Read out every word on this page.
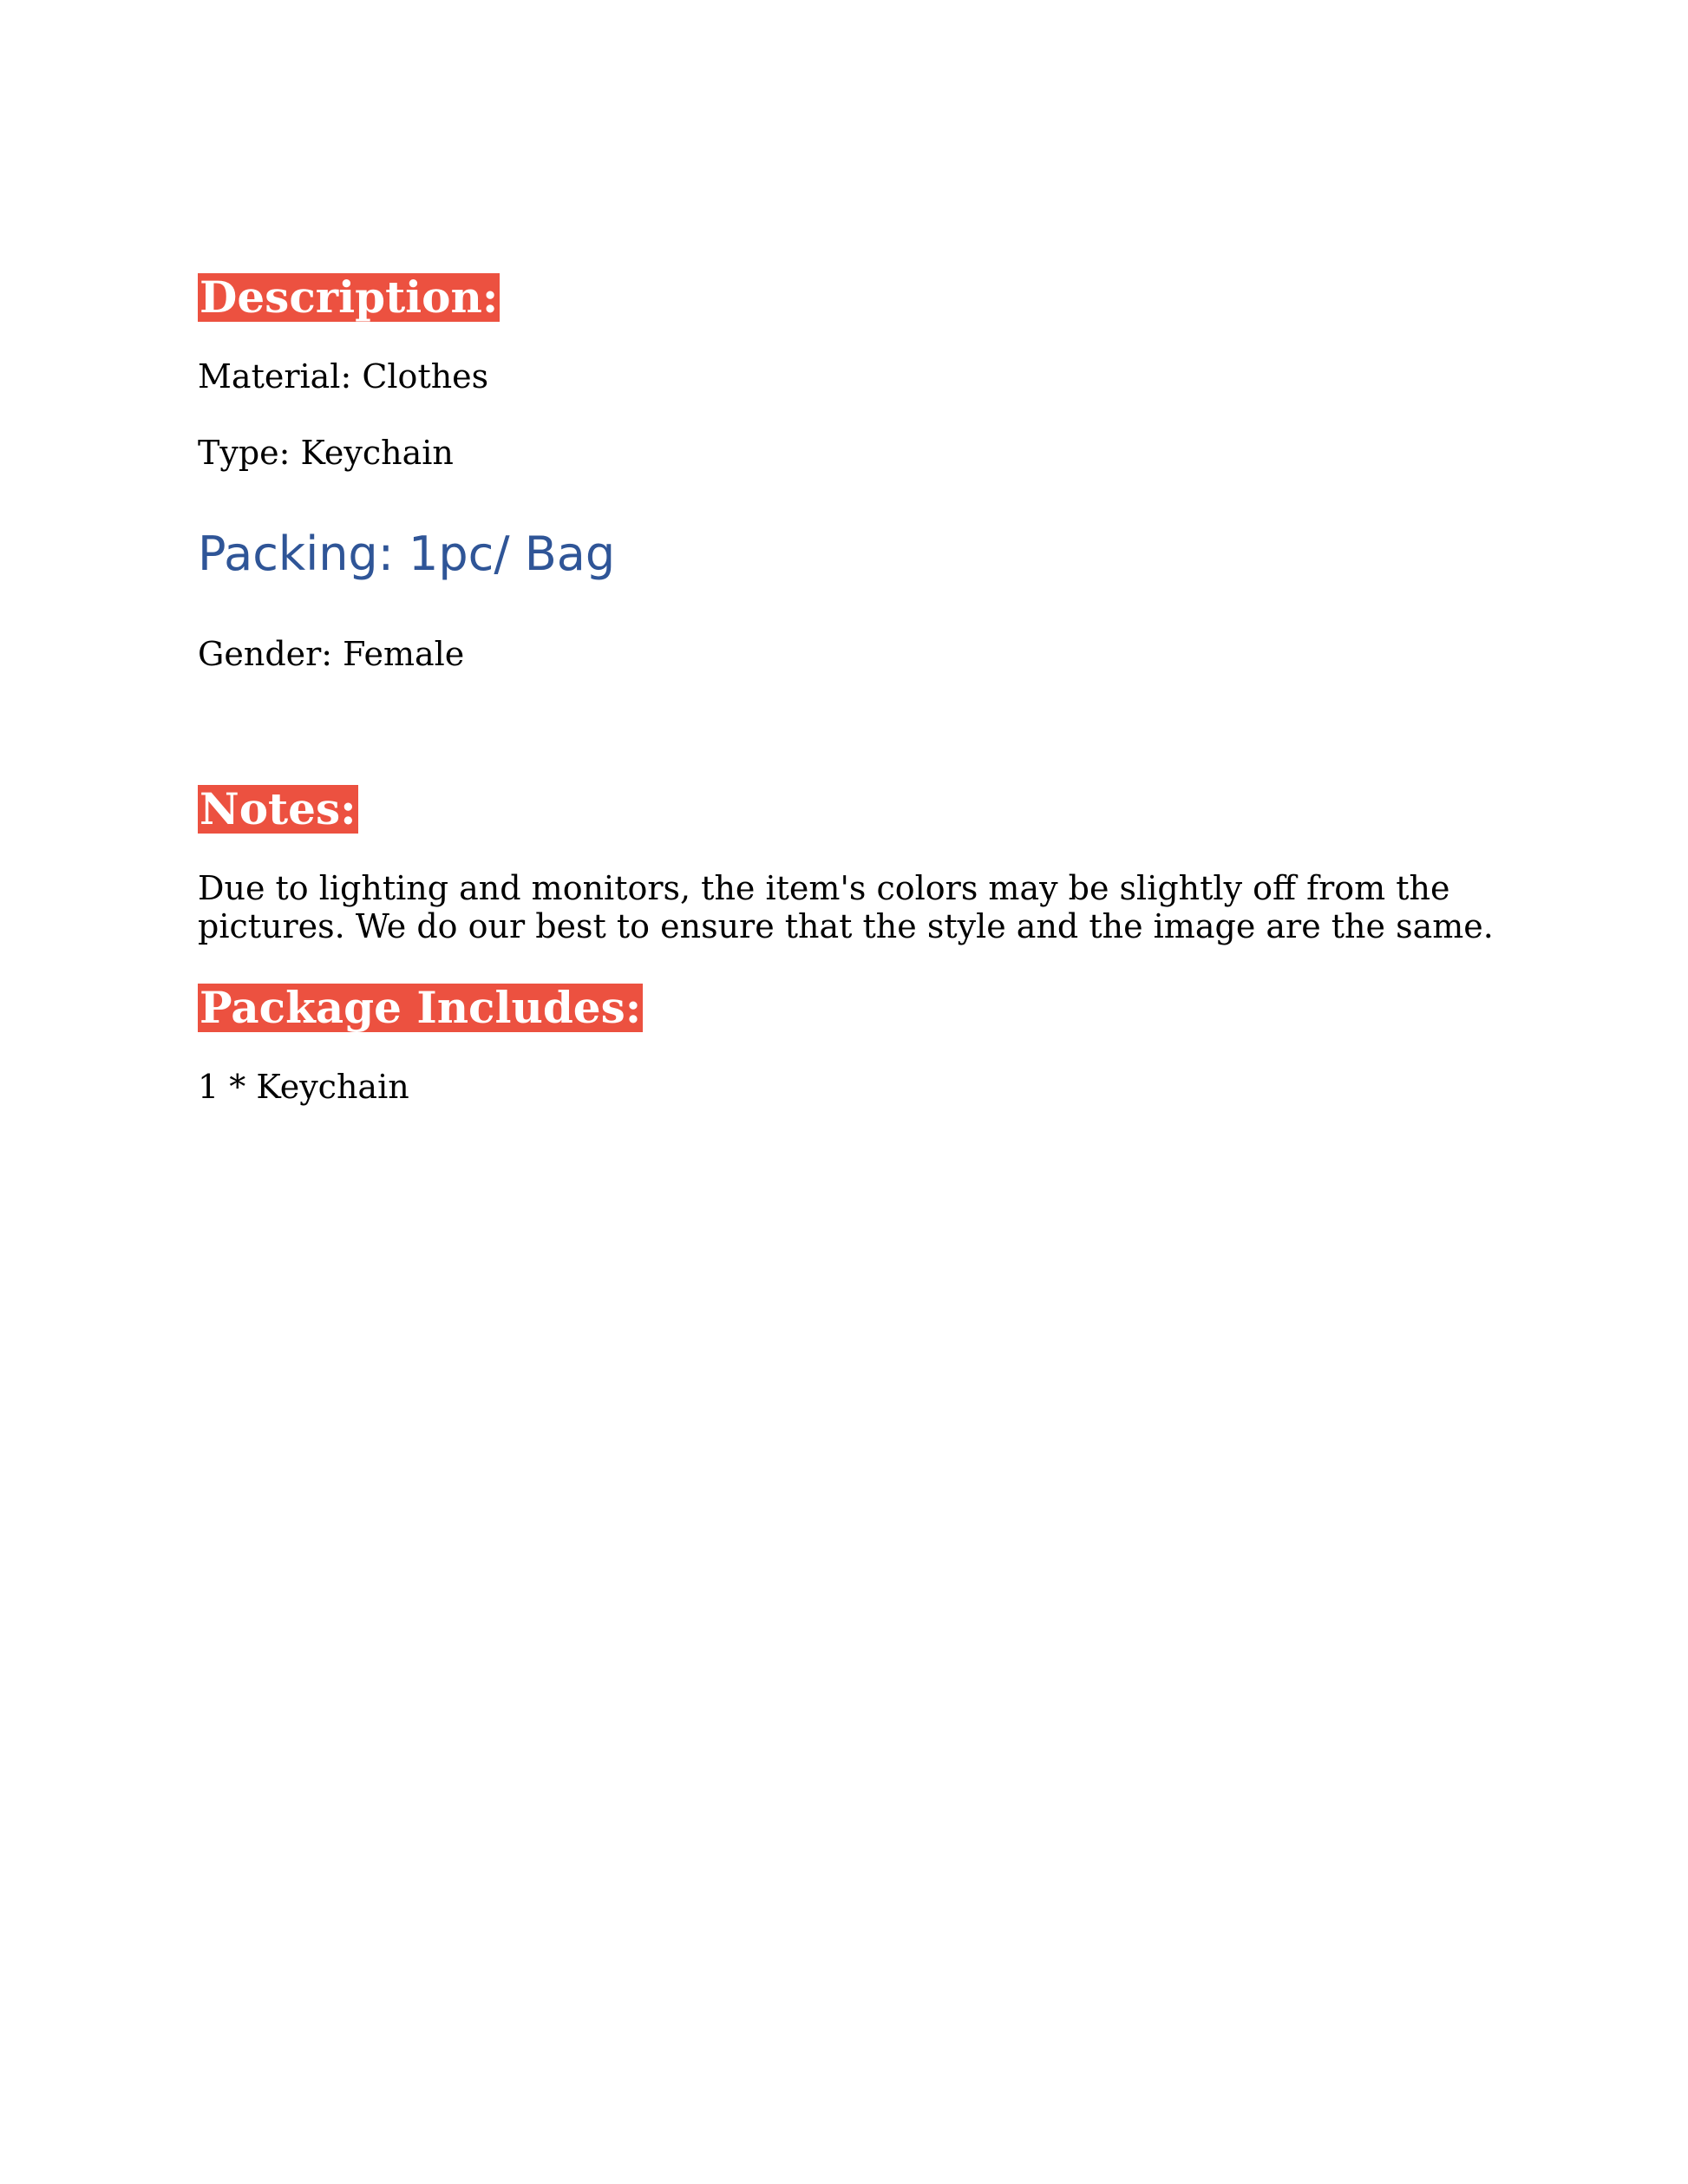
Description:
Material: Clothes
Type: Keychain
Packing: 1pc/ Bag
Gender: Female
Notes:
Due to lighting and monitors, the item's colors may be slightly off from the pictures. We do our best to ensure that the style and the image are the same.
Package Includes:
1 * Keychain
